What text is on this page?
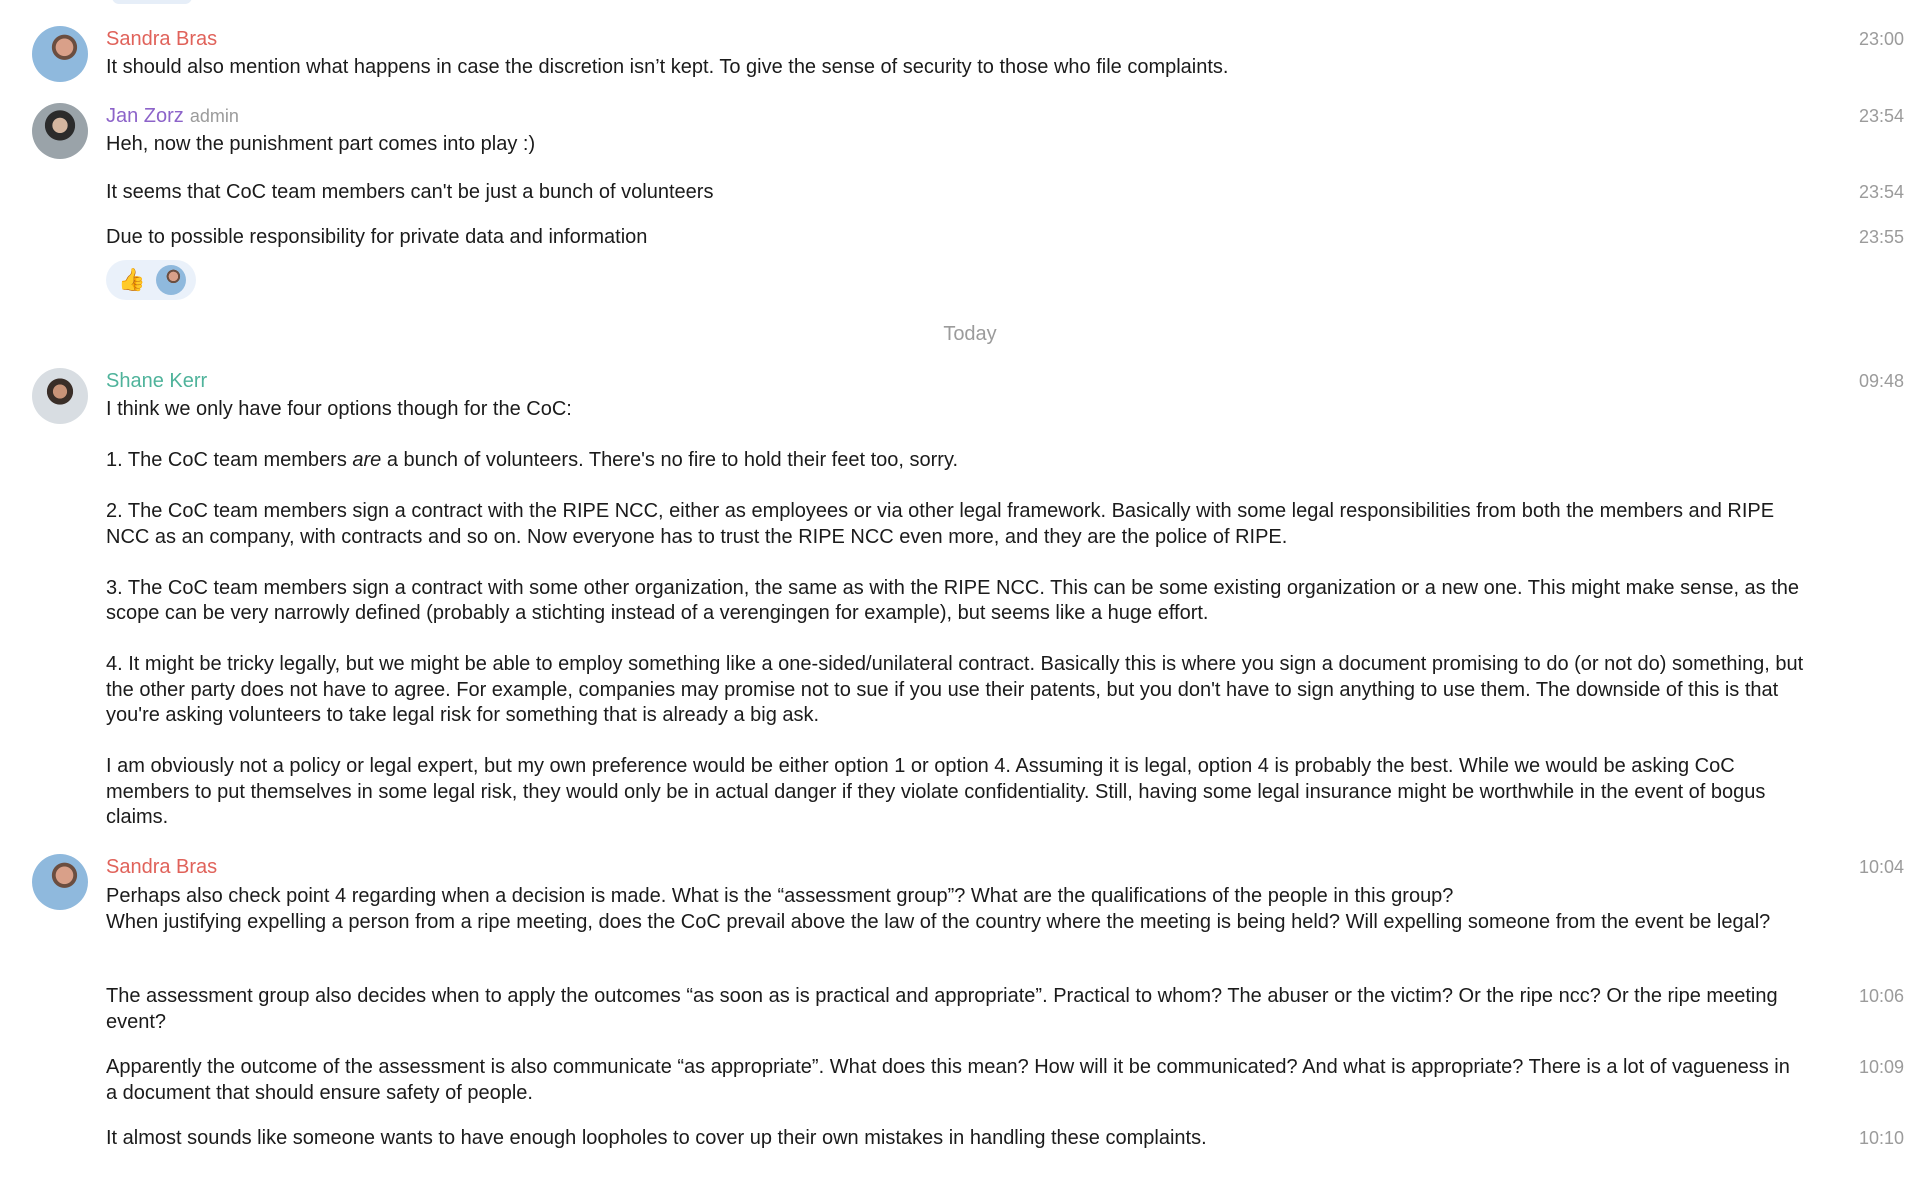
Sandra Bras	23:00
It should also mention what happens in case the discretion isn’t kept. To give the sense of security to those who file complaints.
Jan Zorz admin	23:54
Heh, now the punishment part comes into play :)
23:54
It seems that CoC team members can't be just a bunch of volunteers
23:55
Due to possible responsibility for private data and information
👍
Today
Shane Kerr	09:48

I think we only have four options though for the CoC:

1. The CoC team members are a bunch of volunteers. There's no fire to hold their feet too, sorry.

2. The CoC team members sign a contract with the RIPE NCC, either as employees or via other legal framework. Basically with some legal responsibilities from both the members and RIPE NCC as an company, with contracts and so on. Now everyone has to trust the RIPE NCC even more, and they are the police of RIPE.

3. The CoC team members sign a contract with some other organization, the same as with the RIPE NCC. This can be some existing organization or a new one. This might make sense, as the scope can be very narrowly defined (probably a stichting instead of a verengingen for example), but seems like a huge effort.

4. It might be tricky legally, but we might be able to employ something like a one-sided/unilateral contract. Basically this is where you sign a document promising to do (or not do) something, but the other party does not have to agree. For example, companies may promise not to sue if you use their patents, but you don't have to sign anything to use them. The downside of this is that you're asking volunteers to take legal risk for something that is already a big ask.

I am obviously not a policy or legal expert, but my own preference would be either option 1 or option 4. Assuming it is legal, option 4 is probably the best. While we would be asking CoC members to put themselves in some legal risk, they would only be in actual danger if they violate confidentiality. Still, having some legal insurance might be worthwhile in the event of bogus claims.

Sandra Bras	10:04

Perhaps also check point 4 regarding when a decision is made. What is the “assessment group”? What are the qualifications of the people in this group?

When justifying expelling a person from a ripe meeting, does the CoC prevail above the law of the country where the meeting is being held? Will expelling someone from the event be legal?

10:06
The assessment group also decides when to apply the outcomes “as soon as is practical and appropriate”. Practical to whom? The abuser or the victim? Or the ripe ncc? Or the ripe meeting event?
10:09
Apparently the outcome of the assessment is also communicate “as appropriate”. What does this mean? How will it be communicated? And what is appropriate? There is a lot of vagueness in a document that should ensure safety of people.
10:10
It almost sounds like someone wants to have enough loopholes to cover up their own mistakes in handling these complaints.
